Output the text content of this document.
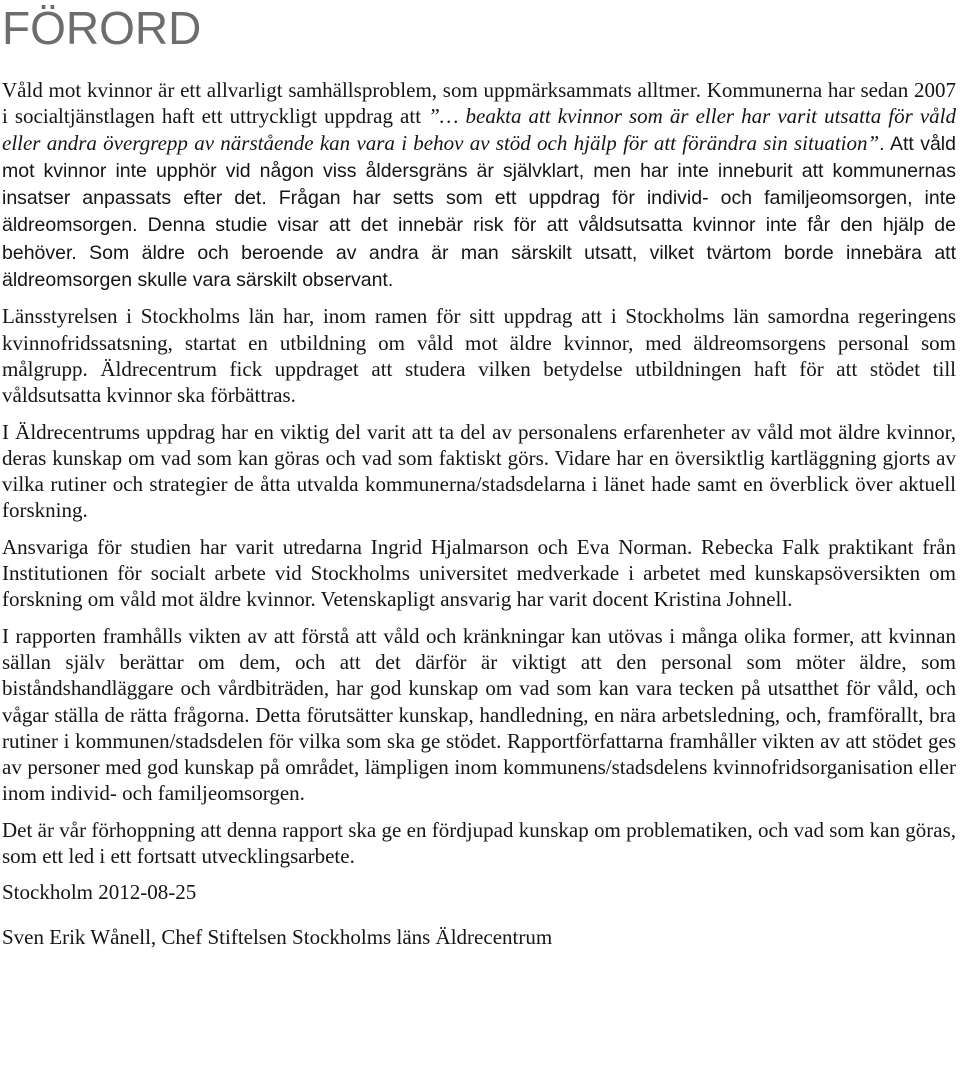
FÖRORD

Våld mot kvinnor är ett allvarligt samhällsproblem, som uppmärksammats alltmer. Kommunerna har sedan 2007 i socialtjänstlagen haft ett uttryckligt uppdrag att ”… beakta att kvinnor som är eller har varit utsatta för våld eller andra övergrepp av närstående kan vara i behov av stöd och hjälp för att förändra sin situation”. Att våld mot kvinnor inte upphör vid någon viss åldersgräns är självklart, men har inte inneburit att kommunernas insatser anpassats efter det. Frågan har setts som ett uppdrag för individ- och familjeomsorgen, inte äldreomsorgen. Denna studie visar att det innebär risk för att våldsutsatta kvinnor inte får den hjälp de behöver. Som äldre och beroende av andra är man särskilt utsatt, vilket tvärtom borde innebära att äldreomsorgen skulle vara särskilt observant.

Länsstyrelsen i Stockholms län har, inom ramen för sitt uppdrag att i Stockholms län samordna regeringens kvinnofridssatsning, startat en utbildning om våld mot äldre kvinnor, med äldreomsorgens personal som målgrupp. Äldrecentrum fick uppdraget att studera vilken betydelse utbildningen haft för att stödet till våldsutsatta kvinnor ska förbättras.

I Äldrecentrums uppdrag har en viktig del varit att ta del av personalens erfarenheter av våld mot äldre kvinnor, deras kunskap om vad som kan göras och vad som faktiskt görs. Vidare har en översiktlig kartläggning gjorts av vilka rutiner och strategier de åtta utvalda kommunerna/stadsdelarna i länet hade samt en överblick över aktuell forskning.

Ansvariga för studien har varit utredarna Ingrid Hjalmarson och Eva Norman. Rebecka Falk praktikant från Institutionen för socialt arbete vid Stockholms universitet medverkade i arbetet med kunskapsöversikten om forskning om våld mot äldre kvinnor. Vetenskapligt ansvarig har varit docent Kristina Johnell.

I rapporten framhålls vikten av att förstå att våld och kränkningar kan utövas i många olika former, att kvinnan sällan själv berättar om dem, och att det därför är viktigt att den personal som möter äldre, som biståndshandläggare och vårdbiträden, har god kunskap om vad som kan vara tecken på utsatthet för våld, och vågar ställa de rätta frågorna. Detta förutsätter kunskap, handledning, en nära arbetsledning, och, framförallt, bra rutiner i kommunen/stadsdelen för vilka som ska ge stödet. Rapportförfattarna framhåller vikten av att stödet ges av personer med god kunskap på området, lämpligen inom kommunens/stadsdelens kvinnofridsorganisation eller inom individ- och familjeomsorgen.

Det är vår förhoppning att denna rapport ska ge en fördjupad kunskap om problematiken, och vad som kan göras, som ett led i ett fortsatt utvecklingsarbete.

Stockholm 2012-08-25

Sven Erik Wånell, Chef Stiftelsen Stockholms läns Äldrecentrum
